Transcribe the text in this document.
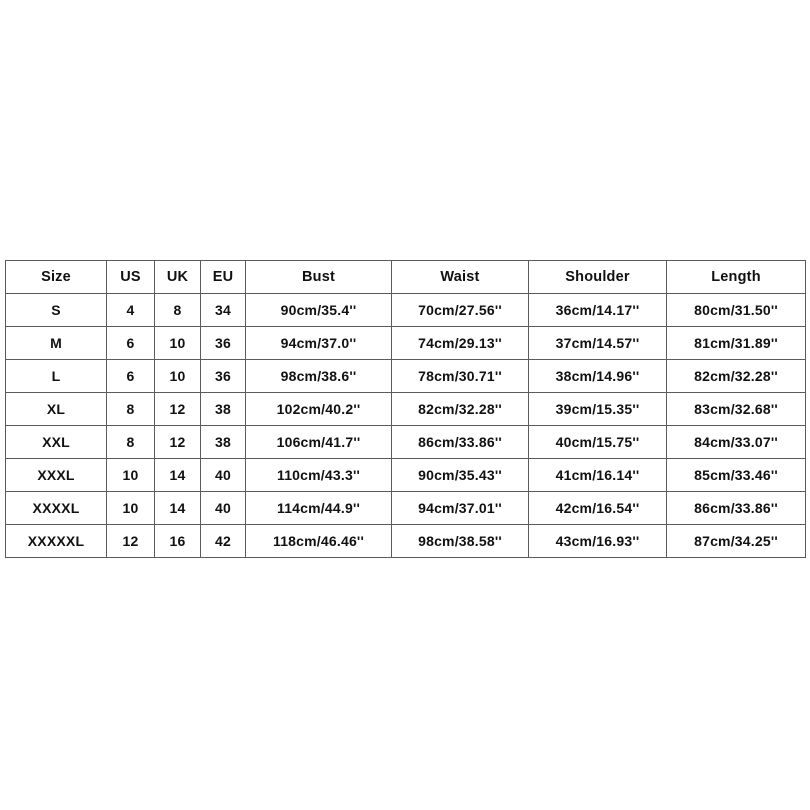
Size	US	UK	EU	Bust	Waist	Shoulder	Length
S	4	8	34	90cm/35.4''	70cm/27.56''	36cm/14.17''	80cm/31.50''
M	6	10	36	94cm/37.0''	74cm/29.13''	37cm/14.57''	81cm/31.89''
L	6	10	36	98cm/38.6''	78cm/30.71''	38cm/14.96''	82cm/32.28''
XL	8	12	38	102cm/40.2''	82cm/32.28''	39cm/15.35''	83cm/32.68''
XXL	8	12	38	106cm/41.7''	86cm/33.86''	40cm/15.75''	84cm/33.07''
XXXL	10	14	40	110cm/43.3''	90cm/35.43''	41cm/16.14''	85cm/33.46''
XXXXL	10	14	40	114cm/44.9''	94cm/37.01''	42cm/16.54''	86cm/33.86''
XXXXXL	12	16	42	118cm/46.46''	98cm/38.58''	43cm/16.93''	87cm/34.25''
